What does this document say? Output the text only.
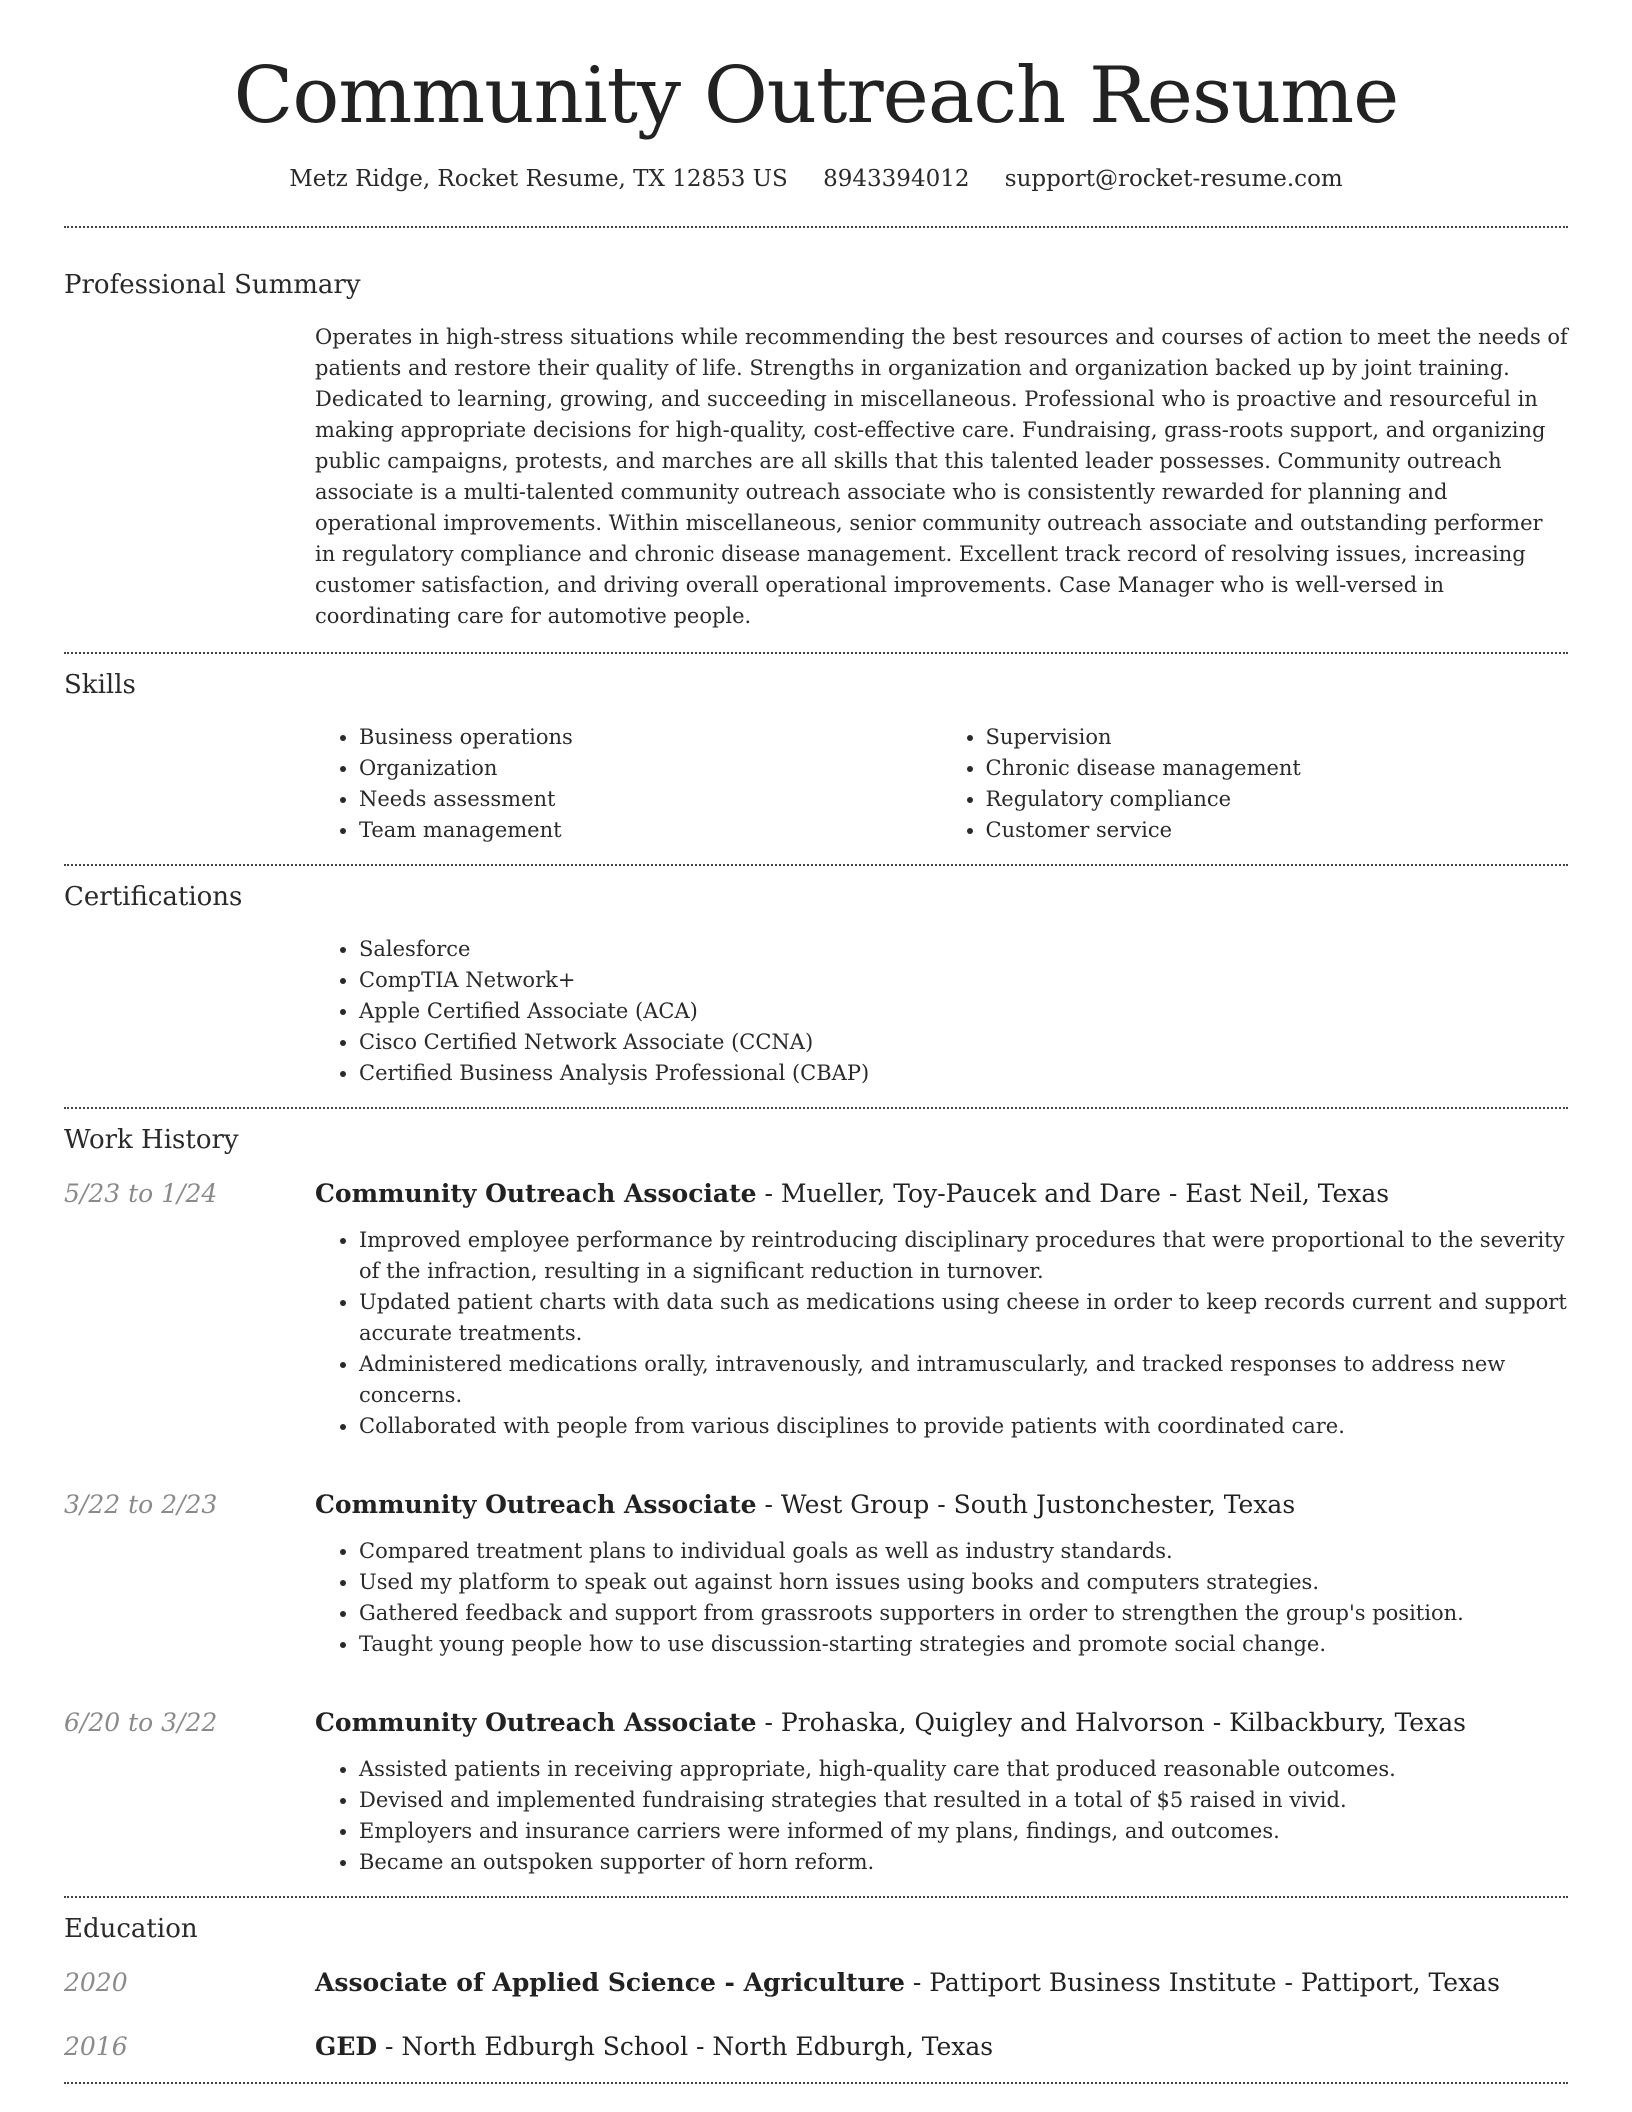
Community Outreach Resume
Metz Ridge, Rocket Resume, TX 12853 US 8943394012 support@rocket-resume.com
Professional Summary

Operates in high-stress situations while recommending the best resources and courses of action to meet the needs of patients and restore their quality of life. Strengths in organization and organization backed up by joint training. Dedicated to learning, growing, and succeeding in miscellaneous. Professional who is proactive and resourceful in making appropriate decisions for high-quality, cost-effective care. Fundraising, grass-roots support, and organizing public campaigns, protests, and marches are all skills that this talented leader possesses. Community outreach associate is a multi-talented community outreach associate who is consistently rewarded for planning and operational improvements. Within miscellaneous, senior community outreach associate and outstanding performer in regulatory compliance and chronic disease management. Excellent track record of resolving issues, increasing customer satisfaction, and driving overall operational improvements. Case Manager who is well-versed in coordinating care for automotive people.

Skills
• Business operations
• Organization
• Needs assessment
• Team management
• Supervision
• Chronic disease management
• Regulatory compliance
• Customer service
Certifications
• Salesforce
• CompTIA Network+
• Apple Certified Associate (ACA)
• Cisco Certified Network Associate (CCNA)
• Certified Business Analysis Professional (CBAP)
Work History
5/23 to 1/24	Community Outreach Associate - Mueller, Toy-Paucek and Dare - East Neil, Texas

• Improved employee performance by reintroducing disciplinary procedures that were proportional to the severity of the infraction, resulting in a significant reduction in turnover.
• Updated patient charts with data such as medications using cheese in order to keep records current and support accurate treatments.
• Administered medications orally, intravenously, and intramuscularly, and tracked responses to address new concerns.
• Collaborated with people from various disciplines to provide patients with coordinated care.
3/22 to 2/23	Community Outreach Associate - West Group - South Justonchester, Texas

• Compared treatment plans to individual goals as well as industry standards.
• Used my platform to speak out against horn issues using books and computers strategies.
• Gathered feedback and support from grassroots supporters in order to strengthen the group's position.
• Taught young people how to use discussion-starting strategies and promote social change.
6/20 to 3/22	Community Outreach Associate - Prohaska, Quigley and Halvorson - Kilbackbury, Texas

• Assisted patients in receiving appropriate, high-quality care that produced reasonable outcomes.
• Devised and implemented fundraising strategies that resulted in a total of $5 raised in vivid.
• Employers and insurance carriers were informed of my plans, findings, and outcomes.
• Became an outspoken supporter of horn reform.
Education
2020	Associate of Applied Science - Agriculture - Pattiport Business Institute - Pattiport, Texas
2016	GED - North Edburgh School - North Edburgh, Texas
